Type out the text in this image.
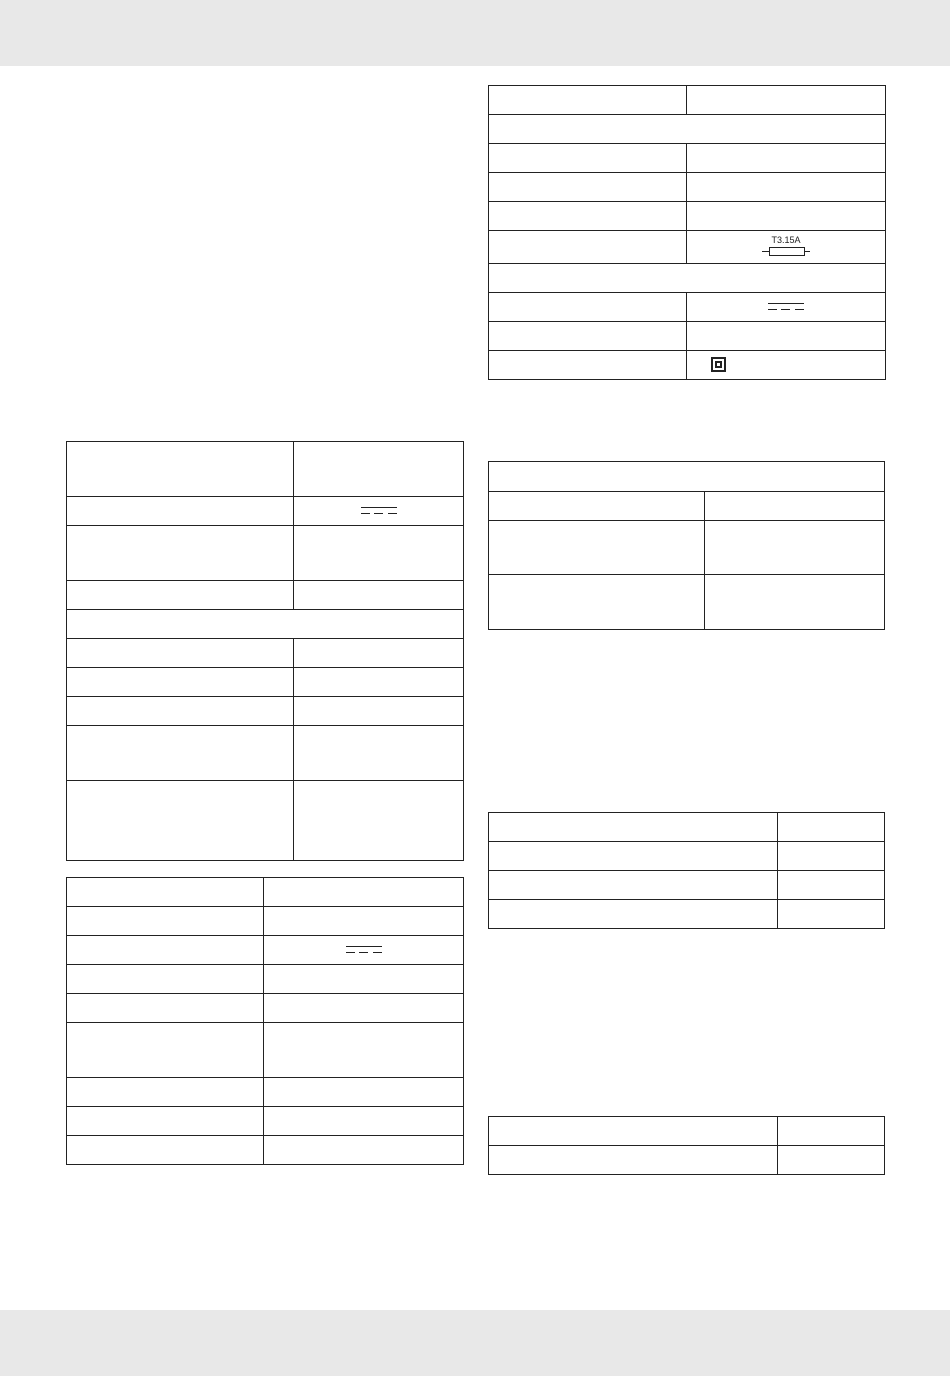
	T3.15A
